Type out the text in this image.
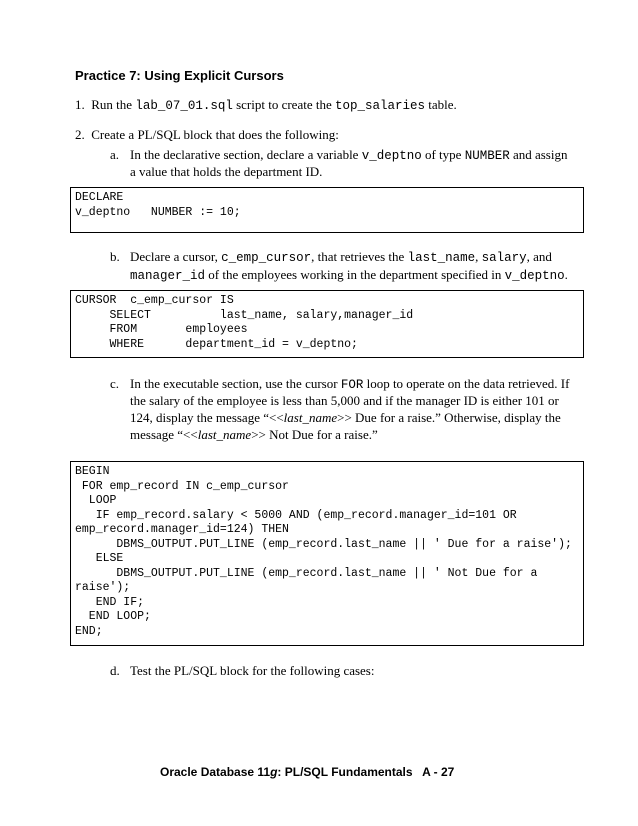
Practice 7: Using Explicit Cursors
1. Run the lab_07_01.sql script to create the top_salaries table.
2. Create a PL/SQL block that does the following:
a. In the declarative section, declare a variable v_deptno of type NUMBER and assign
a value that holds the department ID.
DECLARE
v_deptno   NUMBER := 10;
b. Declare a cursor, c_emp_cursor, that retrieves the last_name, salary, and
manager_id of the employees working in the department specified in v_deptno.
CURSOR  c_emp_cursor IS
SELECT          last_name, salary,manager_id
FROM       employees
WHERE      department_id = v_deptno;
c. In the executable section, use the cursor FOR loop to operate on the data retrieved. If
the salary of the employee is less than 5,000 and if the manager ID is either 101 or
124, display the message “<<last_name>> Due for a raise.” Otherwise, display the
message “<<last_name>> Not Due for a raise.”
BEGIN
FOR emp_record IN c_emp_cursor
LOOP
IF emp_record.salary < 5000 AND (emp_record.manager_id=101 OR
emp_record.manager_id=124) THEN
DBMS_OUTPUT.PUT_LINE (emp_record.last_name || ' Due for a raise');
ELSE
DBMS_OUTPUT.PUT_LINE (emp_record.last_name || ' Not Due for a
raise');
END IF;
END LOOP;
END;
d. Test the PL/SQL block for the following cases:
Oracle Database 11g: PL/SQL Fundamentals   A - 27
